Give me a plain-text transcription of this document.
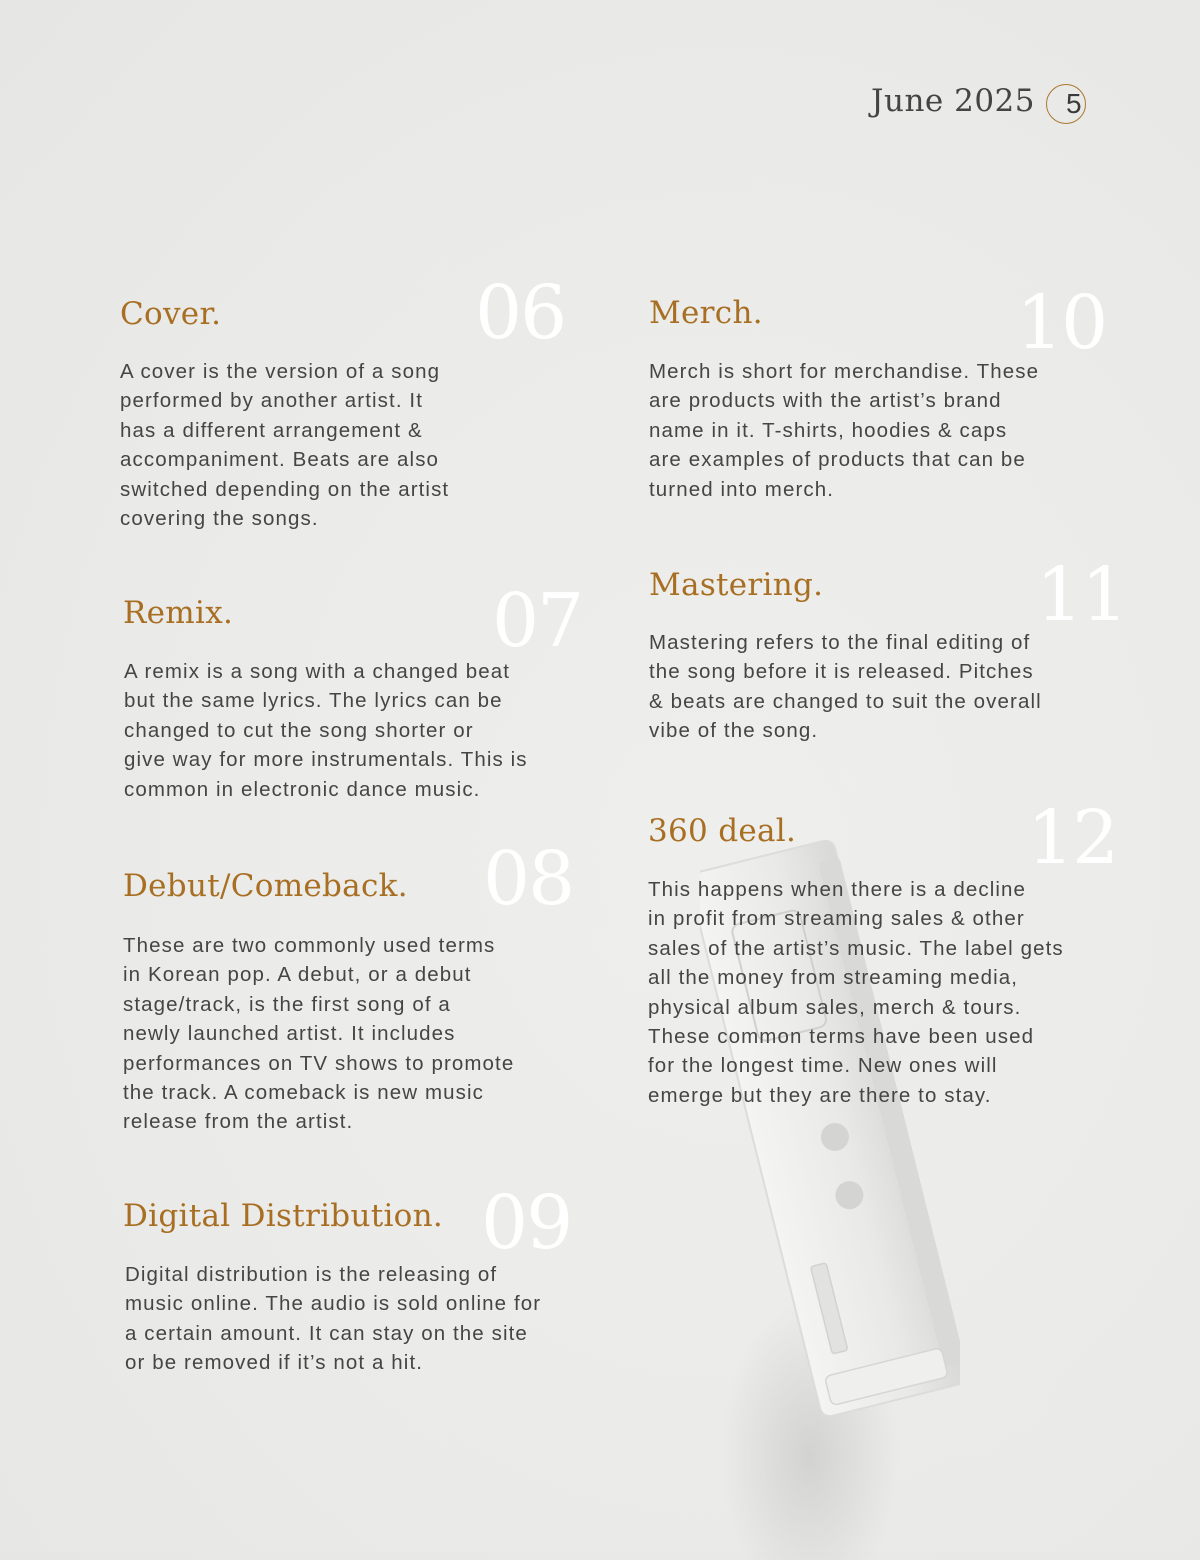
June 2025 5
06
Cover.
A cover is the version of a song
performed by another artist. It
has a different arrangement &
accompaniment. Beats are also
switched depending on the artist
covering the songs.
07
Remix.
A remix is a song with a changed beat
but the same lyrics. The lyrics can be
changed to cut the song shorter or
give way for more instrumentals. This is
common in electronic dance music.
08
Debut/Comeback.
These are two commonly used terms
in Korean pop. A debut, or a debut
stage/track, is the first song of a
newly launched artist. It includes
performances on TV shows to promote
the track. A comeback is new music
release from the artist.
09
Digital Distribution.
Digital distribution is the releasing of
music online. The audio is sold online for
a certain amount. It can stay on the site
or be removed if it’s not a hit.
10
Merch.
Merch is short for merchandise. These
are products with the artist’s brand
name in it. T-shirts, hoodies & caps
are examples of products that can be
turned into merch.
11
Mastering.
Mastering refers to the final editing of
the song before it is released. Pitches
& beats are changed to suit the overall
vibe of the song.
12
360 deal.
This happens when there is a decline
in profit from streaming sales & other
sales of the artist’s music. The label gets
all the money from streaming media,
physical album sales, merch & tours.
These common terms have been used
for the longest time. New ones will
emerge but they are there to stay.
